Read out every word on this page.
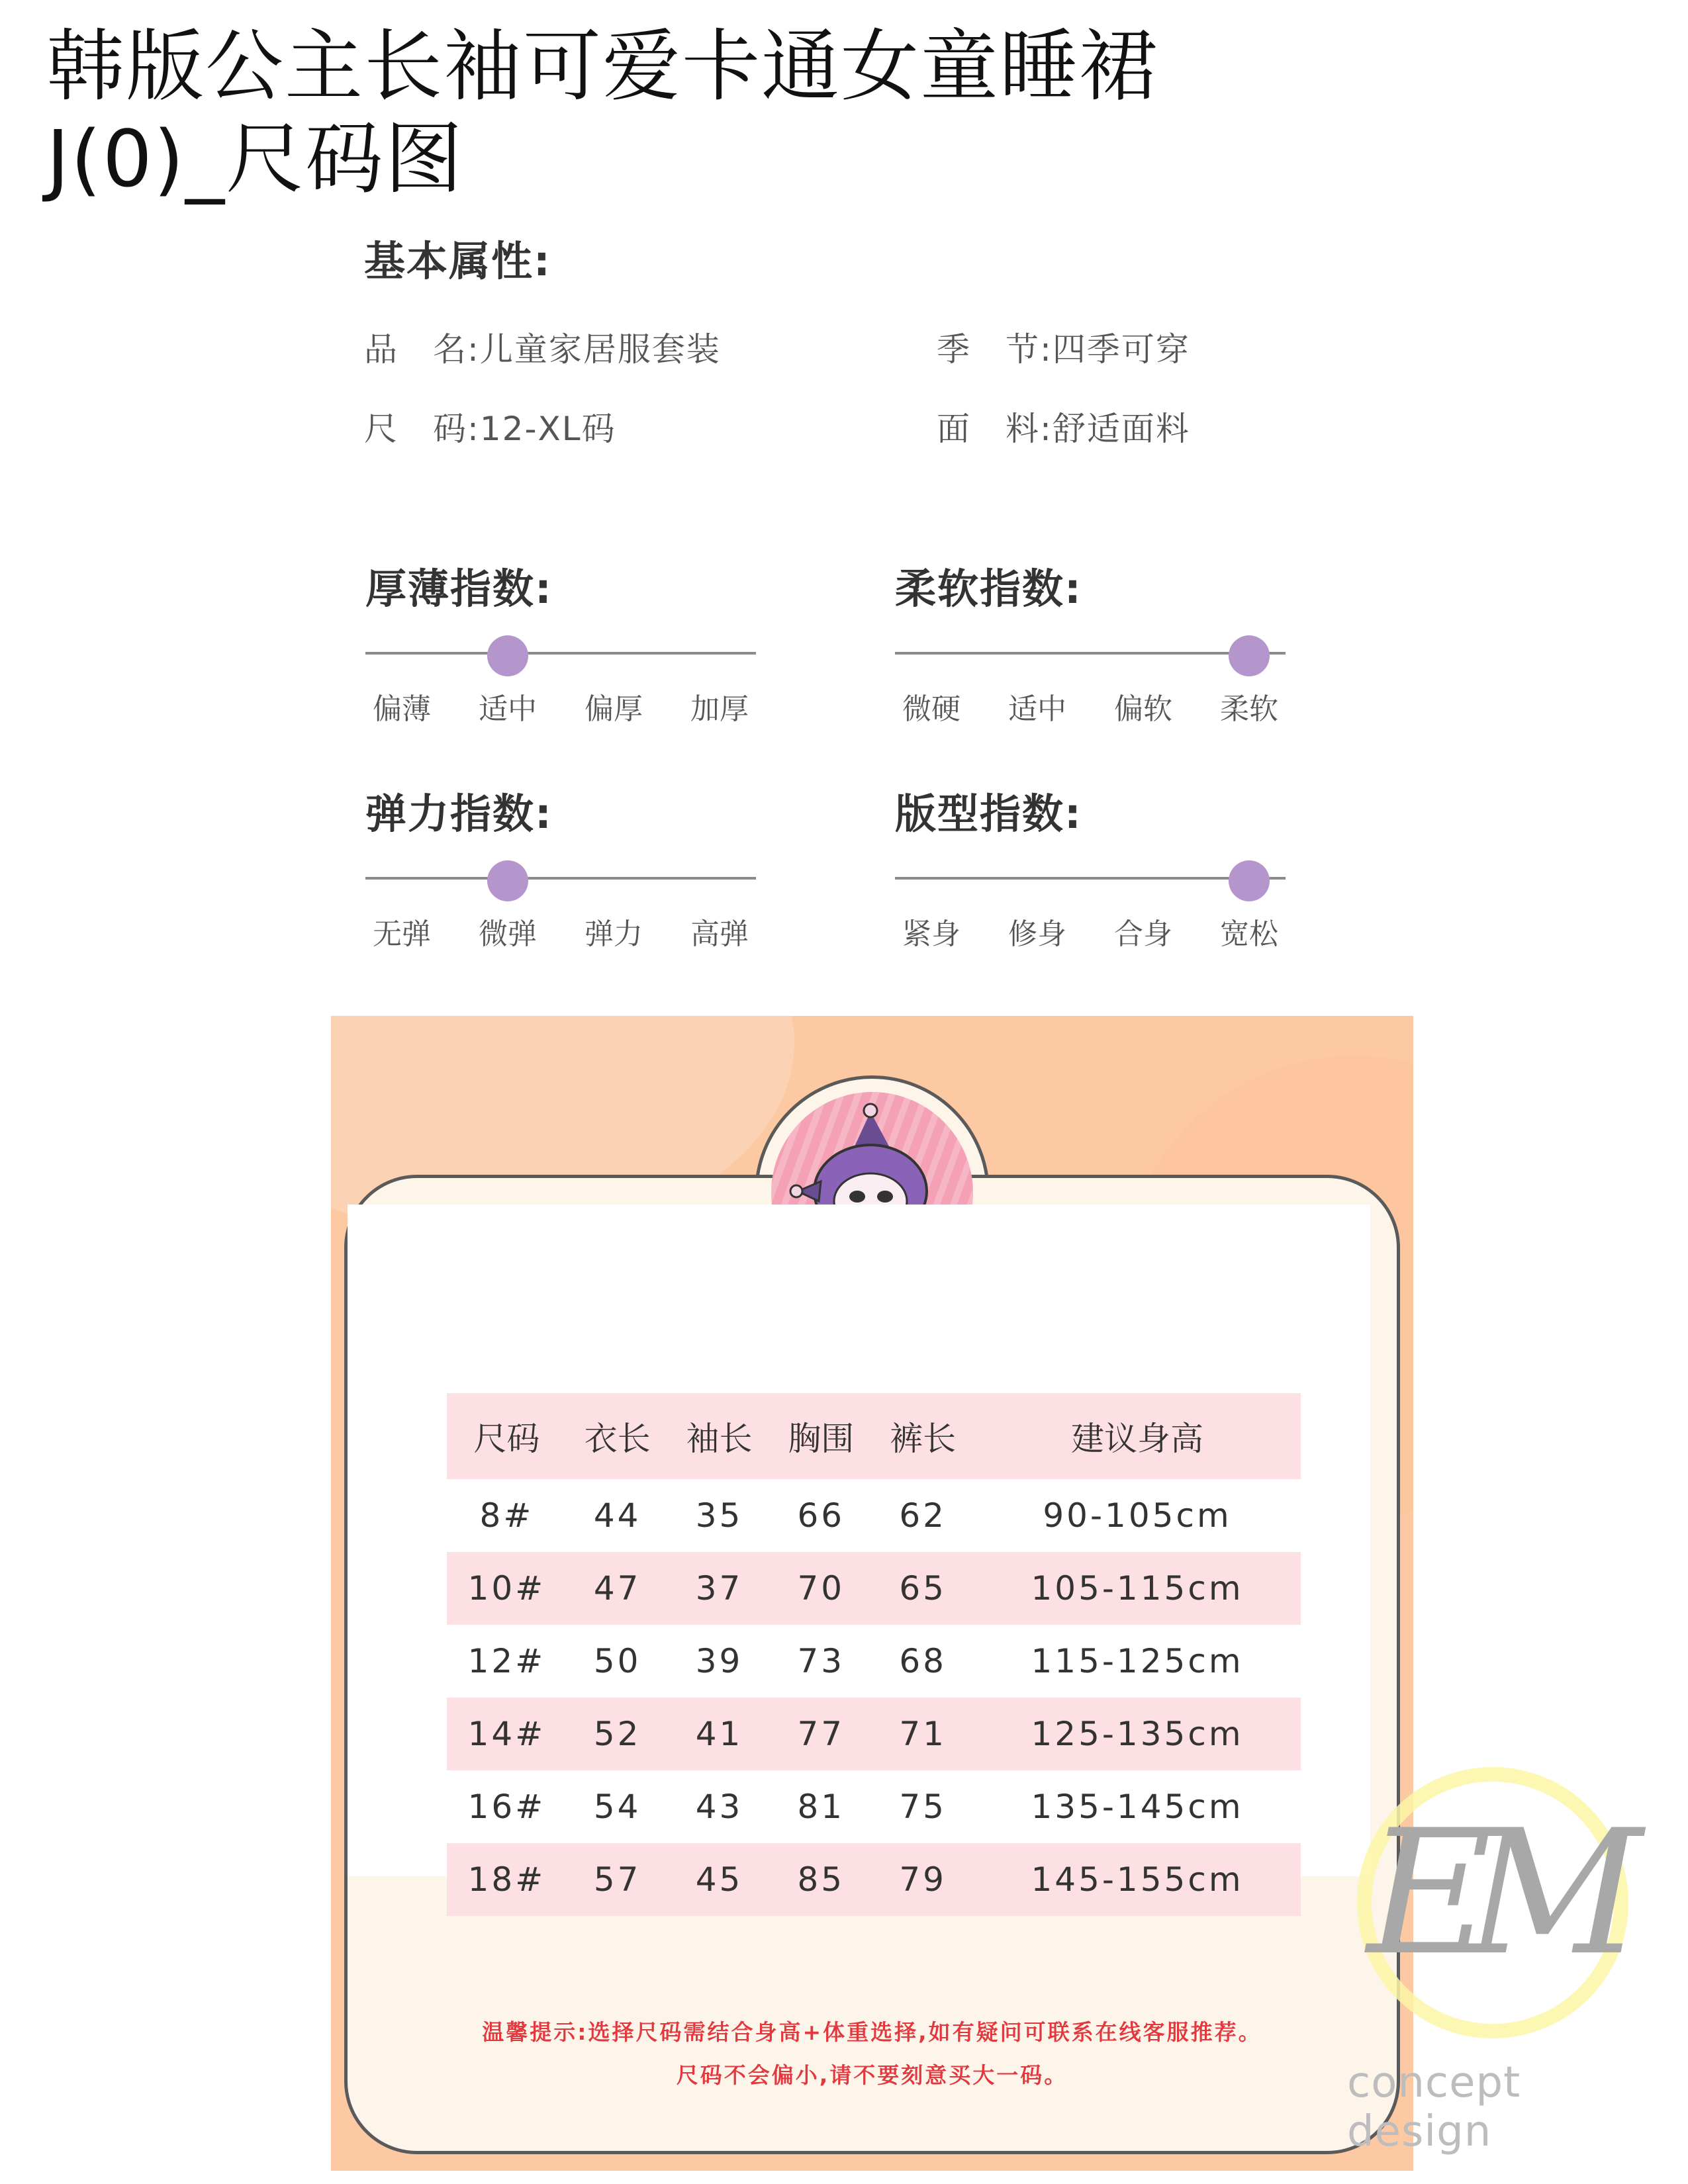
韩版公主长袖可爱卡通女童睡裙
J(0)_尺码图
基本属性:
品　名:儿童家居服套装	季　节:四季可穿
尺　码:12-XL码	面　料:舒适面料
厚薄指数:
偏薄	适中	偏厚	加厚
柔软指数:
微硬	适中	偏软	柔软
弹力指数:
无弹	微弹	弹力	高弹
版型指数:
紧身	修身	合身	宽松
尺码	衣长	袖长	胸围	裤长	建议身高
8#	44	35	66	62	90-105cm
10#	47	37	70	65	105-115cm
12#	50	39	73	68	115-125cm
14#	52	41	77	71	125-135cm
16#	54	43	81	75	135-145cm
18#	57	45	85	79	145-155cm
温馨提示:选择尺码需结合身高+体重选择,如有疑问可联系在线客服推荐。
尺码不会偏小,请不要刻意买大一码。
EM
concept design
